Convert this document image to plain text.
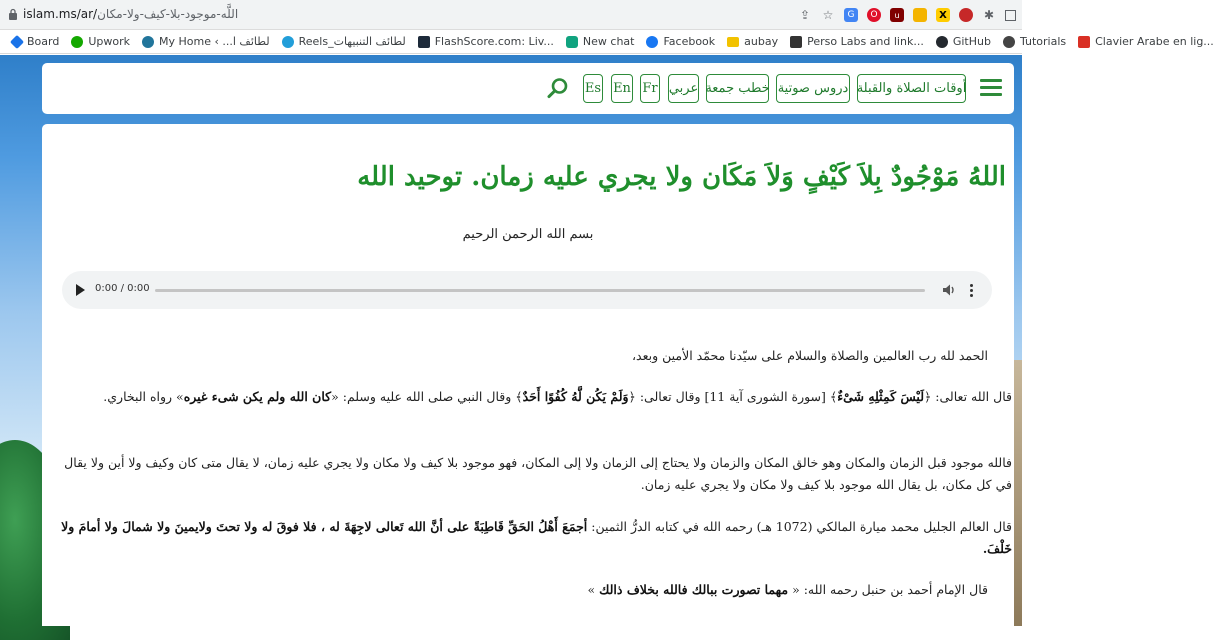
islam.ms/ar/اللَّه-موجود-بلا-كيف-ولا-مكان	⇪ ☆	G	O	u	X	✱
Board	Upwork	My Home ‹ ...لطائف ا	Reels_لطائف التنبيهات	FlashScore.com: Liv...	New chat	Facebook	aubay	Perso Labs and link...	GitHub	Tutorials	Clavier Arabe en lig...
Es En Fr عربي خطب جمعة دروس صوتية أوقات الصلاة والقبلة
اللهُ مَوْجُودٌ بِلاَ كَيْفٍ وَلاَ مَكَان ولا يجري عليه زمان. توحيد الله
بسم الله الرحمن الرحيم
0:00 / 0:00

الحمد لله رب العالمين والصلاة والسلام على سيّدنا محمّد الأمين وبعد،

قال الله تعالى: ﴿لَيْسَ كَمِثْلِهِ شَىْءٌ﴾ [سورة الشورى آية 11] وقال تعالى: ﴿وَلَمْ يَكُن لَّهُ كُفُوًا أَحَدٌ﴾ وقال النبي صلى الله عليه وسلم: «كان الله ولم يكن شىء غيره» رواه البخاري.

فالله موجود قبل الزمان والمكان وهو خالق المكان والزمان ولا يحتاج إلى الزمان ولا إلى المكان، فهو موجود بلا كيف ولا مكان ولا يجري عليه زمان، لا يقال متى كان وكيف ولا أين ولا يقال في كل مكان، بل يقال الله موجود بلا كيف ولا مكان ولا يجري عليه زمان.

قال العالم الجليل محمد ميارة المالكي (1072 هـ) رحمه الله في كتابه الدرُّ الثمين: أجمَعَ أَهْلُ الحَقِّ قَاطِبَةً على أنَّ الله تَعالى لاجِهَةَ له ، فلا فوقَ له ولا تحتَ ولايمينَ ولا شمالَ ولا أمامَ ولا خَلْفَ.

قال الإمام أحمد بن حنبل رحمه الله: « مهما تصورت ببالك فالله بخلاف ذالك »
